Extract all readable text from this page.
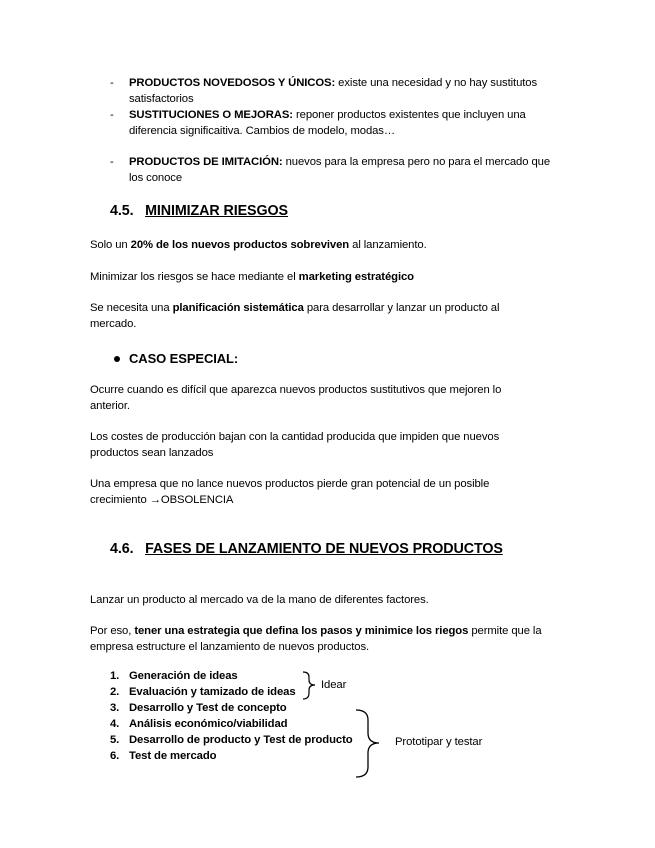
- PRODUCTOS NOVEDOSOS Y ÚNICOS: existe una necesidad y no hay sustitutos
satisfactorios
- SUSTITUCIONES O MEJORAS: reponer productos existentes que incluyen una
diferencia significaitiva. Cambios de modelo, modas…
- PRODUCTOS DE IMITACIÓN: nuevos para la empresa pero no para el mercado que
los conoce
4.5. MINIMIZAR RIESGOS
Solo un 20% de los nuevos productos sobreviven al lanzamiento.
Minimizar los riesgos se hace mediante el marketing estratégico
Se necesita una planificación sistemática para desarrollar y lanzar un producto al
mercado.
CASO ESPECIAL:
Ocurre cuando es difícil que aparezca nuevos productos sustitutivos que mejoren lo
anterior.
Los costes de producción bajan con la cantidad producida que impiden que nuevos
productos sean lanzados
Una empresa que no lance nuevos productos pierde gran potencial de un posible
crecimiento →OBSOLENCIA
4.6. FASES DE LANZAMIENTO DE NUEVOS PRODUCTOS
Lanzar un producto al mercado va de la mano de diferentes factores.
Por eso, tener una estrategia que defina los pasos y minimice los riegos permite que la
empresa estructure el lanzamiento de nuevos productos.
1. Generación de ideas
2. Evaluación y tamizado de ideas
3. Desarrollo y Test de concepto
4. Análisis económico/viabilidad
5. Desarrollo de producto y Test de producto
6. Test de mercado
Idear
Prototipar y testar
